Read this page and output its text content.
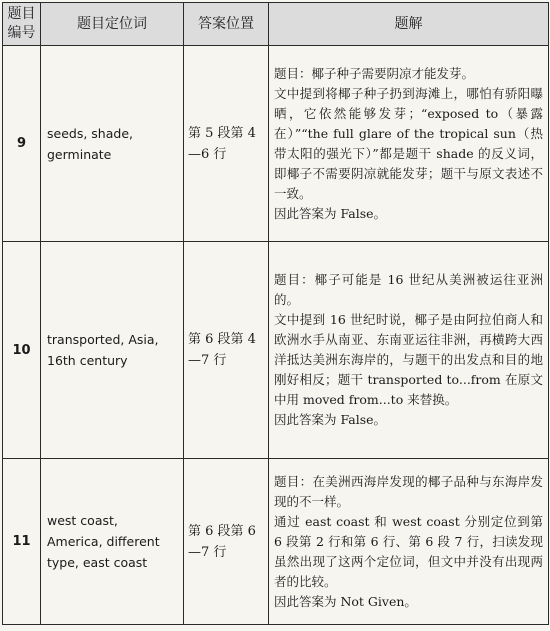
题目编号	题目定位词	答案位置	题解
9	seeds, shade, germinate	第 5 段第 4—6 行	题目：椰子种子需要阴凉才能发芽。
文中提到将椰子种子扔到海滩上，哪怕有骄阳曝晒，它依然能够发芽；“exposed to（暴露在）”“the full glare of the tropical sun（热带太阳的强光下）”都是题干 shade 的反义词，即椰子不需要阴凉就能发芽；题干与原文表述不一致。
因此答案为 False。

10	transported, Asia, 16th century	第 6 段第 4—7 行	题目：椰子可能是 16 世纪从美洲被运往亚洲的。
文中提到 16 世纪时说，椰子是由阿拉伯商人和欧洲水手从南亚、东南亚运往非洲，再横跨大西洋抵达美洲东海岸的，与题干的出发点和目的地刚好相反；题干 transported to...from 在原文中用 moved from...to 来替换。
因此答案为 False。

11	west coast, America, different type, east coast	第 6 段第 6—7 行	题目：在美洲西海岸发现的椰子品种与东海岸发现的不一样。
通过 east coast 和 west coast 分别定位到第 6 段第 2 行和第 6 行、第 6 段 7 行，扫读发现虽然出现了这两个定位词，但文中并没有出现两者的比较。
因此答案为 Not Given。
